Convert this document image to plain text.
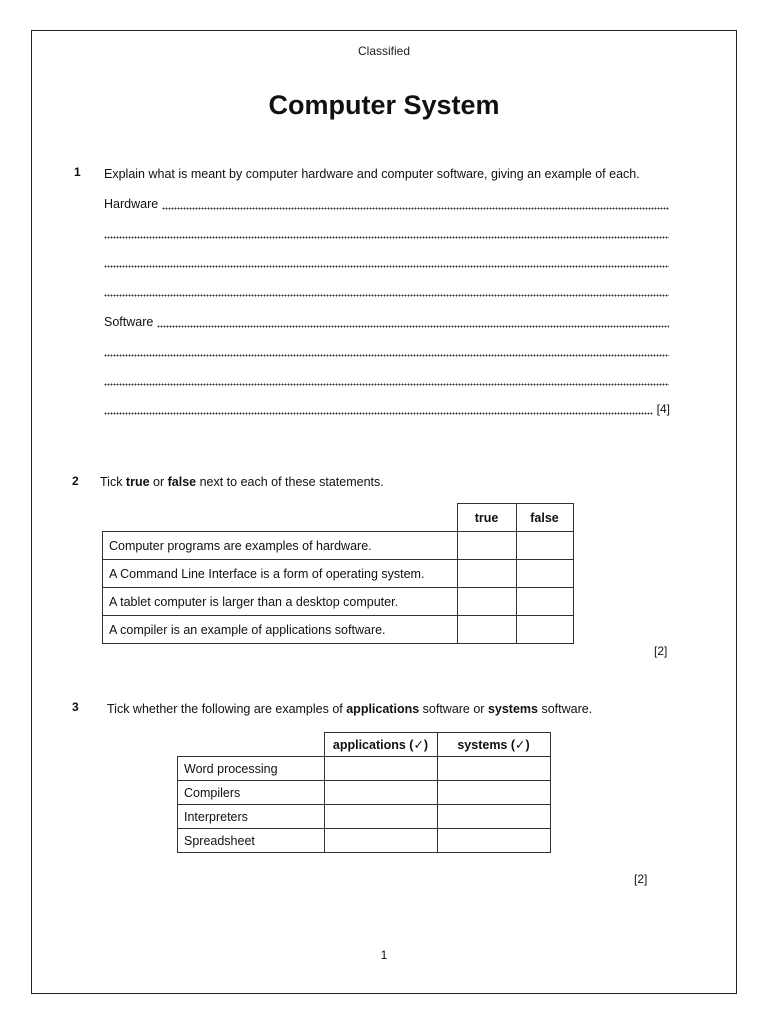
Classified
Computer System
1 Explain what is meant by computer hardware and computer software, giving an example of each.
Hardware
Software
[4]
2 Tick true or false next to each of these statements.
	true	false
Computer programs are examples of hardware.		
A Command Line Interface is a form of operating system.		
A tablet computer is larger than a desktop computer.		
A compiler is an example of applications software.		
[2]
3 Tick whether the following are examples of applications software or systems software.
	applications (✓)	systems (✓)
Word processing		
Compilers		
Interpreters		
Spreadsheet		
[2]
1
